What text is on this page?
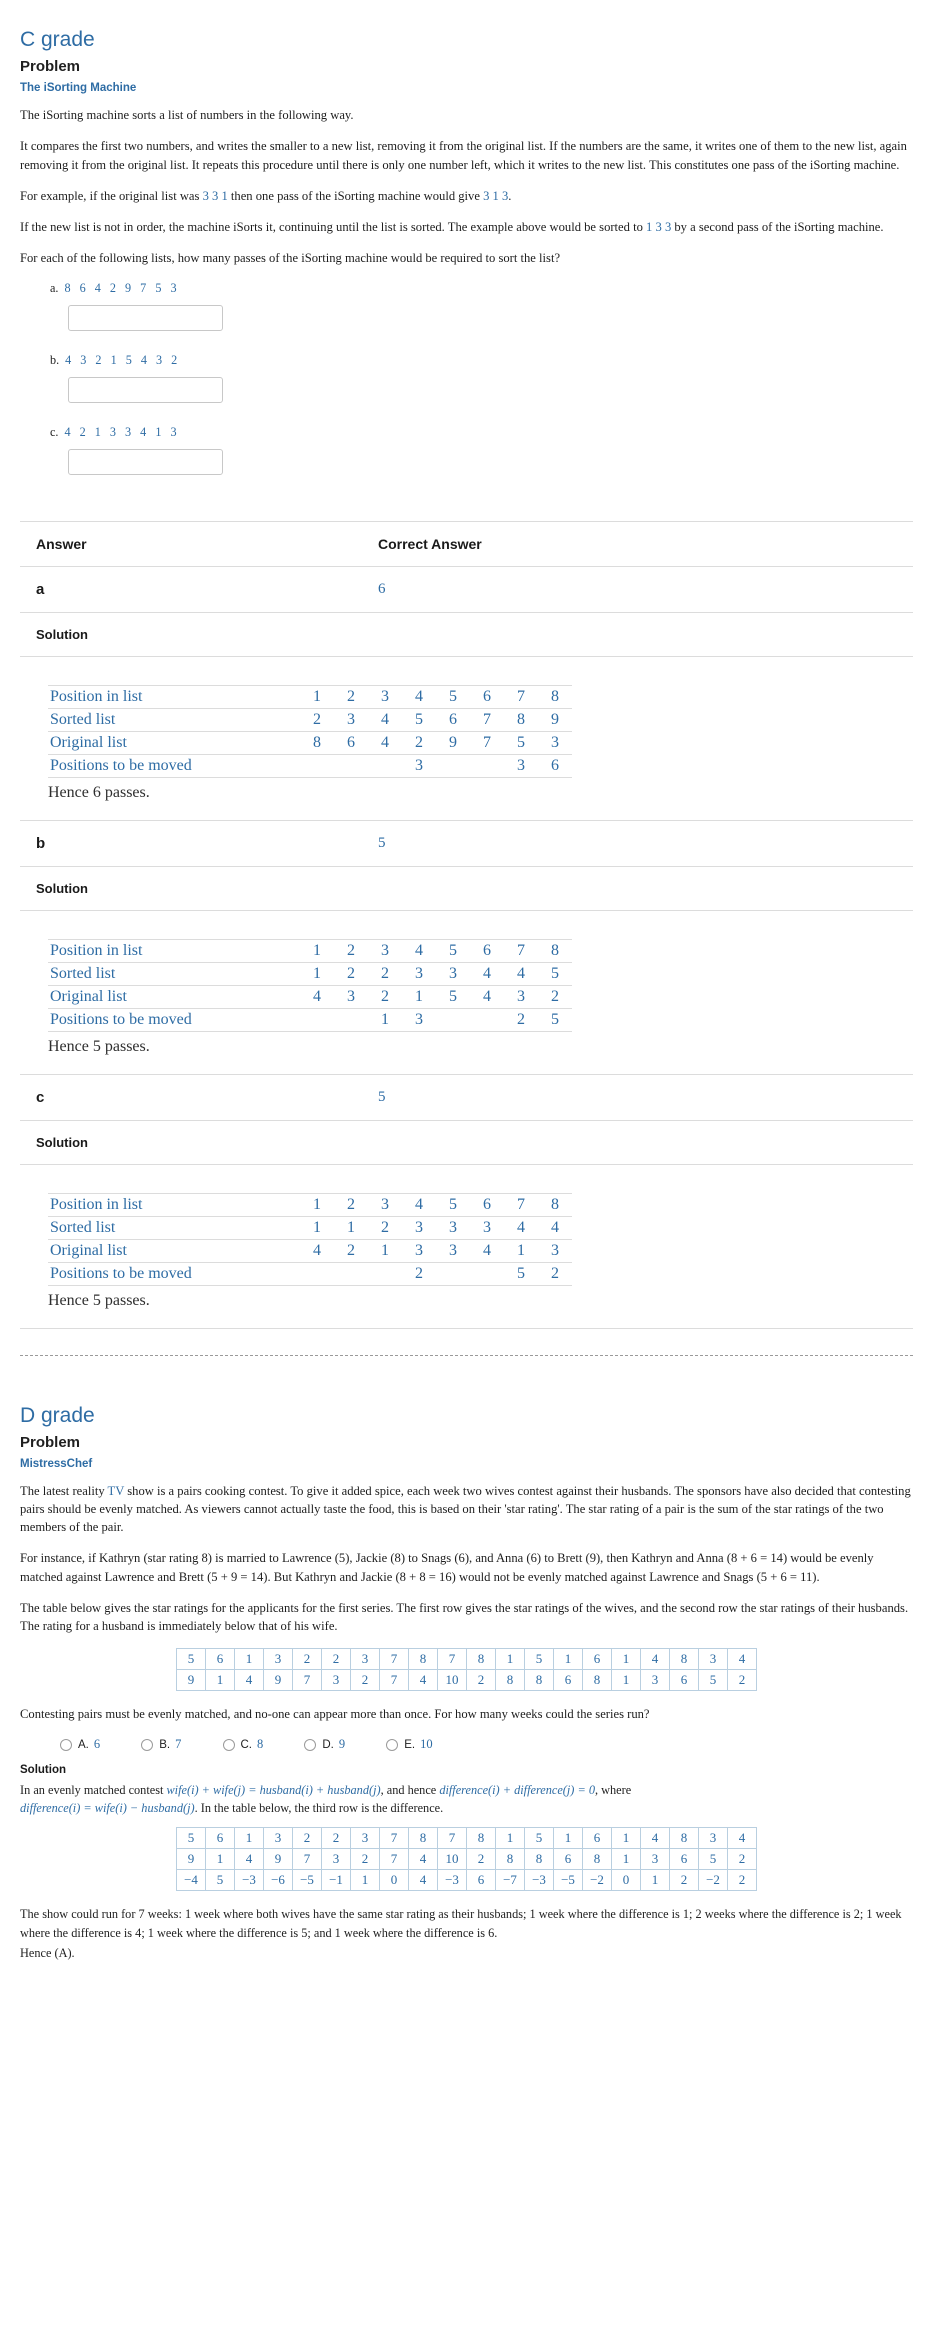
C grade
Problem
The iSorting Machine

The iSorting machine sorts a list of numbers in the following way.

It compares the first two numbers, and writes the smaller to a new list, removing it from the original list. If the numbers are the same, it writes one of them to the new list, again removing it from the original list. It repeats this procedure until there is only one number left, which it writes to the new list. This constitutes one pass of the iSorting machine.

For example, if the original list was 3 3 1 then one pass of the iSorting machine would give 3 1 3.

If the new list is not in order, the machine iSorts it, continuing until the list is sorted. The example above would be sorted to 1 3 3 by a second pass of the iSorting machine.

For each of the following lists, how many passes of the iSorting machine would be required to sort the list?

a. 8 6 4 2 9 7 5 3
b. 4 3 2 1 5 4 3 2
c. 4 2 1 3 3 4 1 3
Answer	Correct Answer
a	6
Solution

Position in list	1	2	3	4	5	6	7	8
Sorted list	2	3	4	5	6	7	8	9
Original list	8	6	4	2	9	7	5	3
Positions to be moved				3			3	6
Hence 6 passes.

b	5
Solution

Position in list	1	2	3	4	5	6	7	8
Sorted list	1	2	2	3	3	4	4	5
Original list	4	3	2	1	5	4	3	2
Positions to be moved			1	3			2	5
Hence 5 passes.

c	5
Solution

Position in list	1	2	3	4	5	6	7	8
Sorted list	1	1	2	3	3	3	4	4
Original list	4	2	1	3	3	4	1	3
Positions to be moved				2			5	2
Hence 5 passes.
D grade
Problem
MistressChef

The latest reality TV show is a pairs cooking contest. To give it added spice, each week two wives contest against their husbands. The sponsors have also decided that contesting pairs should be evenly matched. As viewers cannot actually taste the food, this is based on their 'star rating'. The star rating of a pair is the sum of the star ratings of the two members of the pair.

For instance, if Kathryn (star rating 8) is married to Lawrence (5), Jackie (8) to Snags (6), and Anna (6) to Brett (9), then Kathryn and Anna (8 + 6 = 14) would be evenly matched against Lawrence and Brett (5 + 9 = 14). But Kathryn and Jackie (8 + 8 = 16) would not be evenly matched against Lawrence and Snags (5 + 6 = 11).

The table below gives the star ratings for the applicants for the first series. The first row gives the star ratings of the wives, and the second row the star ratings of their husbands. The rating for a husband is immediately below that of his wife.

5	6	1	3	2	2	3	7	8	7	8	1	5	1	6	1	4	8	3	4
9	1	4	9	7	3	2	7	4	10	2	8	8	6	8	1	3	6	5	2

Contesting pairs must be evenly matched, and no-one can appear more than once. For how many weeks could the series run?

A. 6	B. 7	C. 8	D. 9	E. 10
Solution

In an evenly matched contest wife(i) + wife(j) = husband(i) + husband(j), and hence difference(i) + difference(j) = 0, where
difference(i) = wife(i) − husband(j). In the table below, the third row is the difference.

5	6	1	3	2	2	3	7	8	7	8	1	5	1	6	1	4	8	3	4
9	1	4	9	7	3	2	7	4	10	2	8	8	6	8	1	3	6	5	2
−4	5	−3	−6	−5	−1	1	0	4	−3	6	−7	−3	−5	−2	0	1	2	−2	2

The show could run for 7 weeks: 1 week where both wives have the same star rating as their husbands; 1 week where the difference is 1; 2 weeks where the difference is 2; 1 week where the difference is 4; 1 week where the difference is 5; and 1 week where the difference is 6.

Hence (A).
